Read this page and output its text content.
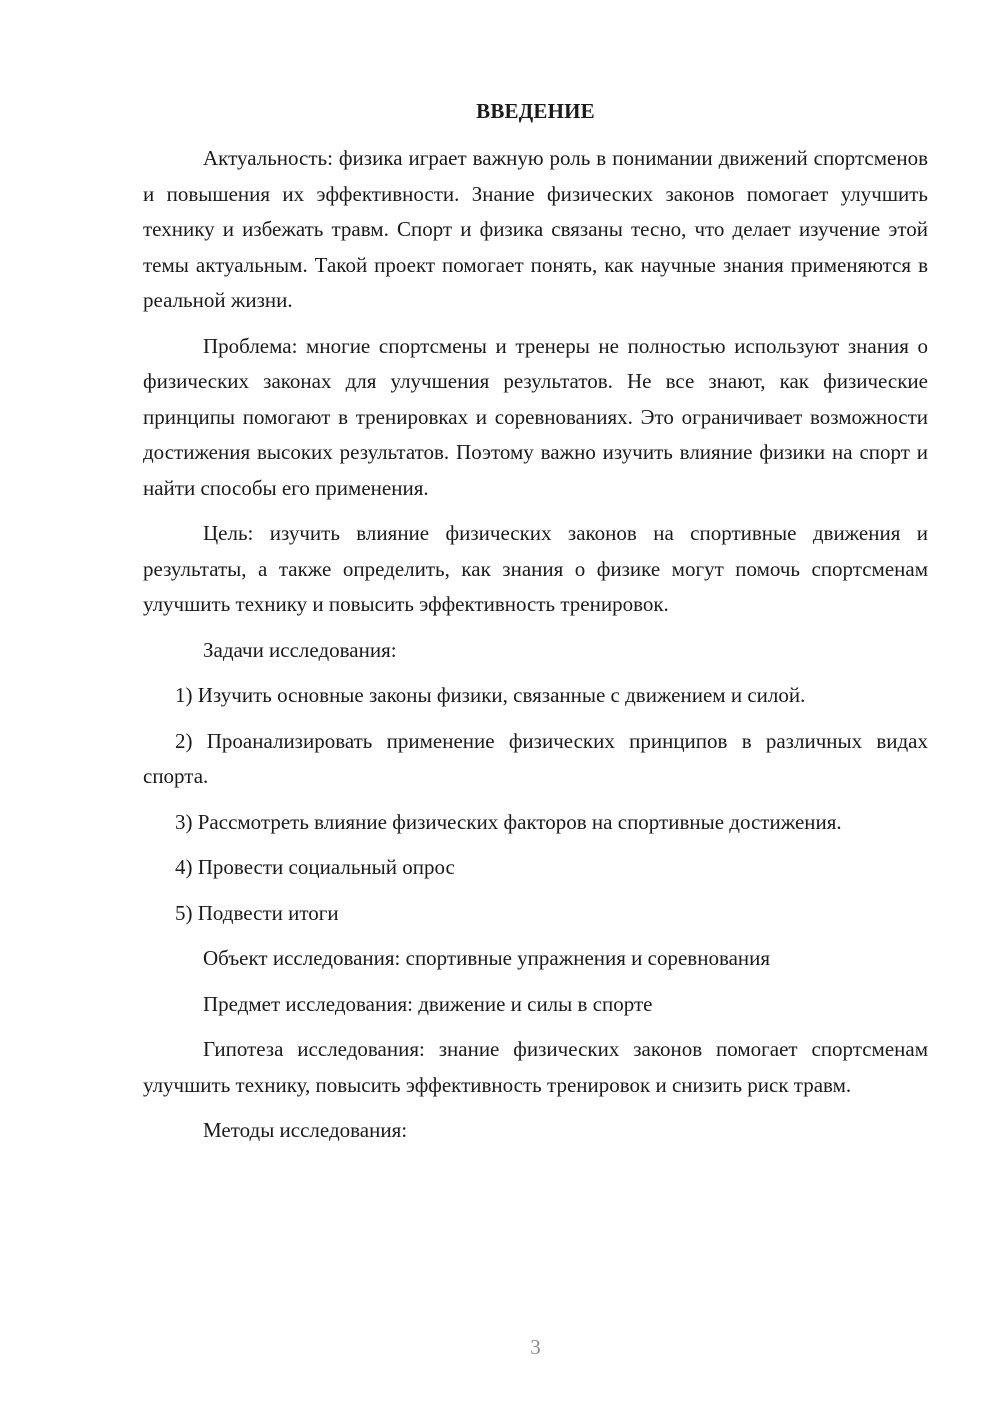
ВВЕДЕНИЕ

Актуальность: физика играет важную роль в понимании движений спортсменов и повышения их эффективности. Знание физических законов помогает улучшить технику и избежать травм. Спорт и физика связаны тесно, что делает изучение этой темы актуальным. Такой проект помогает понять, как научные знания применяются в реальной жизни.

Проблема: многие спортсмены и тренеры не полностью используют знания о физических законах для улучшения результатов. Не все знают, как физические принципы помогают в тренировках и соревнованиях. Это ограничивает возможности достижения высоких результатов. Поэтому важно изучить влияние физики на спорт и найти способы его применения.

Цель: изучить влияние физических законов на спортивные движения и результаты, а также определить, как знания о физике могут помочь спортсменам улучшить технику и повысить эффективность тренировок.

Задачи исследования:

1) Изучить основные законы физики, связанные с движением и силой.

2) Проанализировать применение физических принципов в различных видах спорта.

3) Рассмотреть влияние физических факторов на спортивные достижения.

4) Провести социальный опрос

5) Подвести итоги

Объект исследования: спортивные упражнения и соревнования

Предмет исследования: движение и силы в спорте

Гипотеза исследования: знание физических законов помогает спортсменам улучшить технику, повысить эффективность тренировок и снизить риск травм.

Методы исследования:

3
